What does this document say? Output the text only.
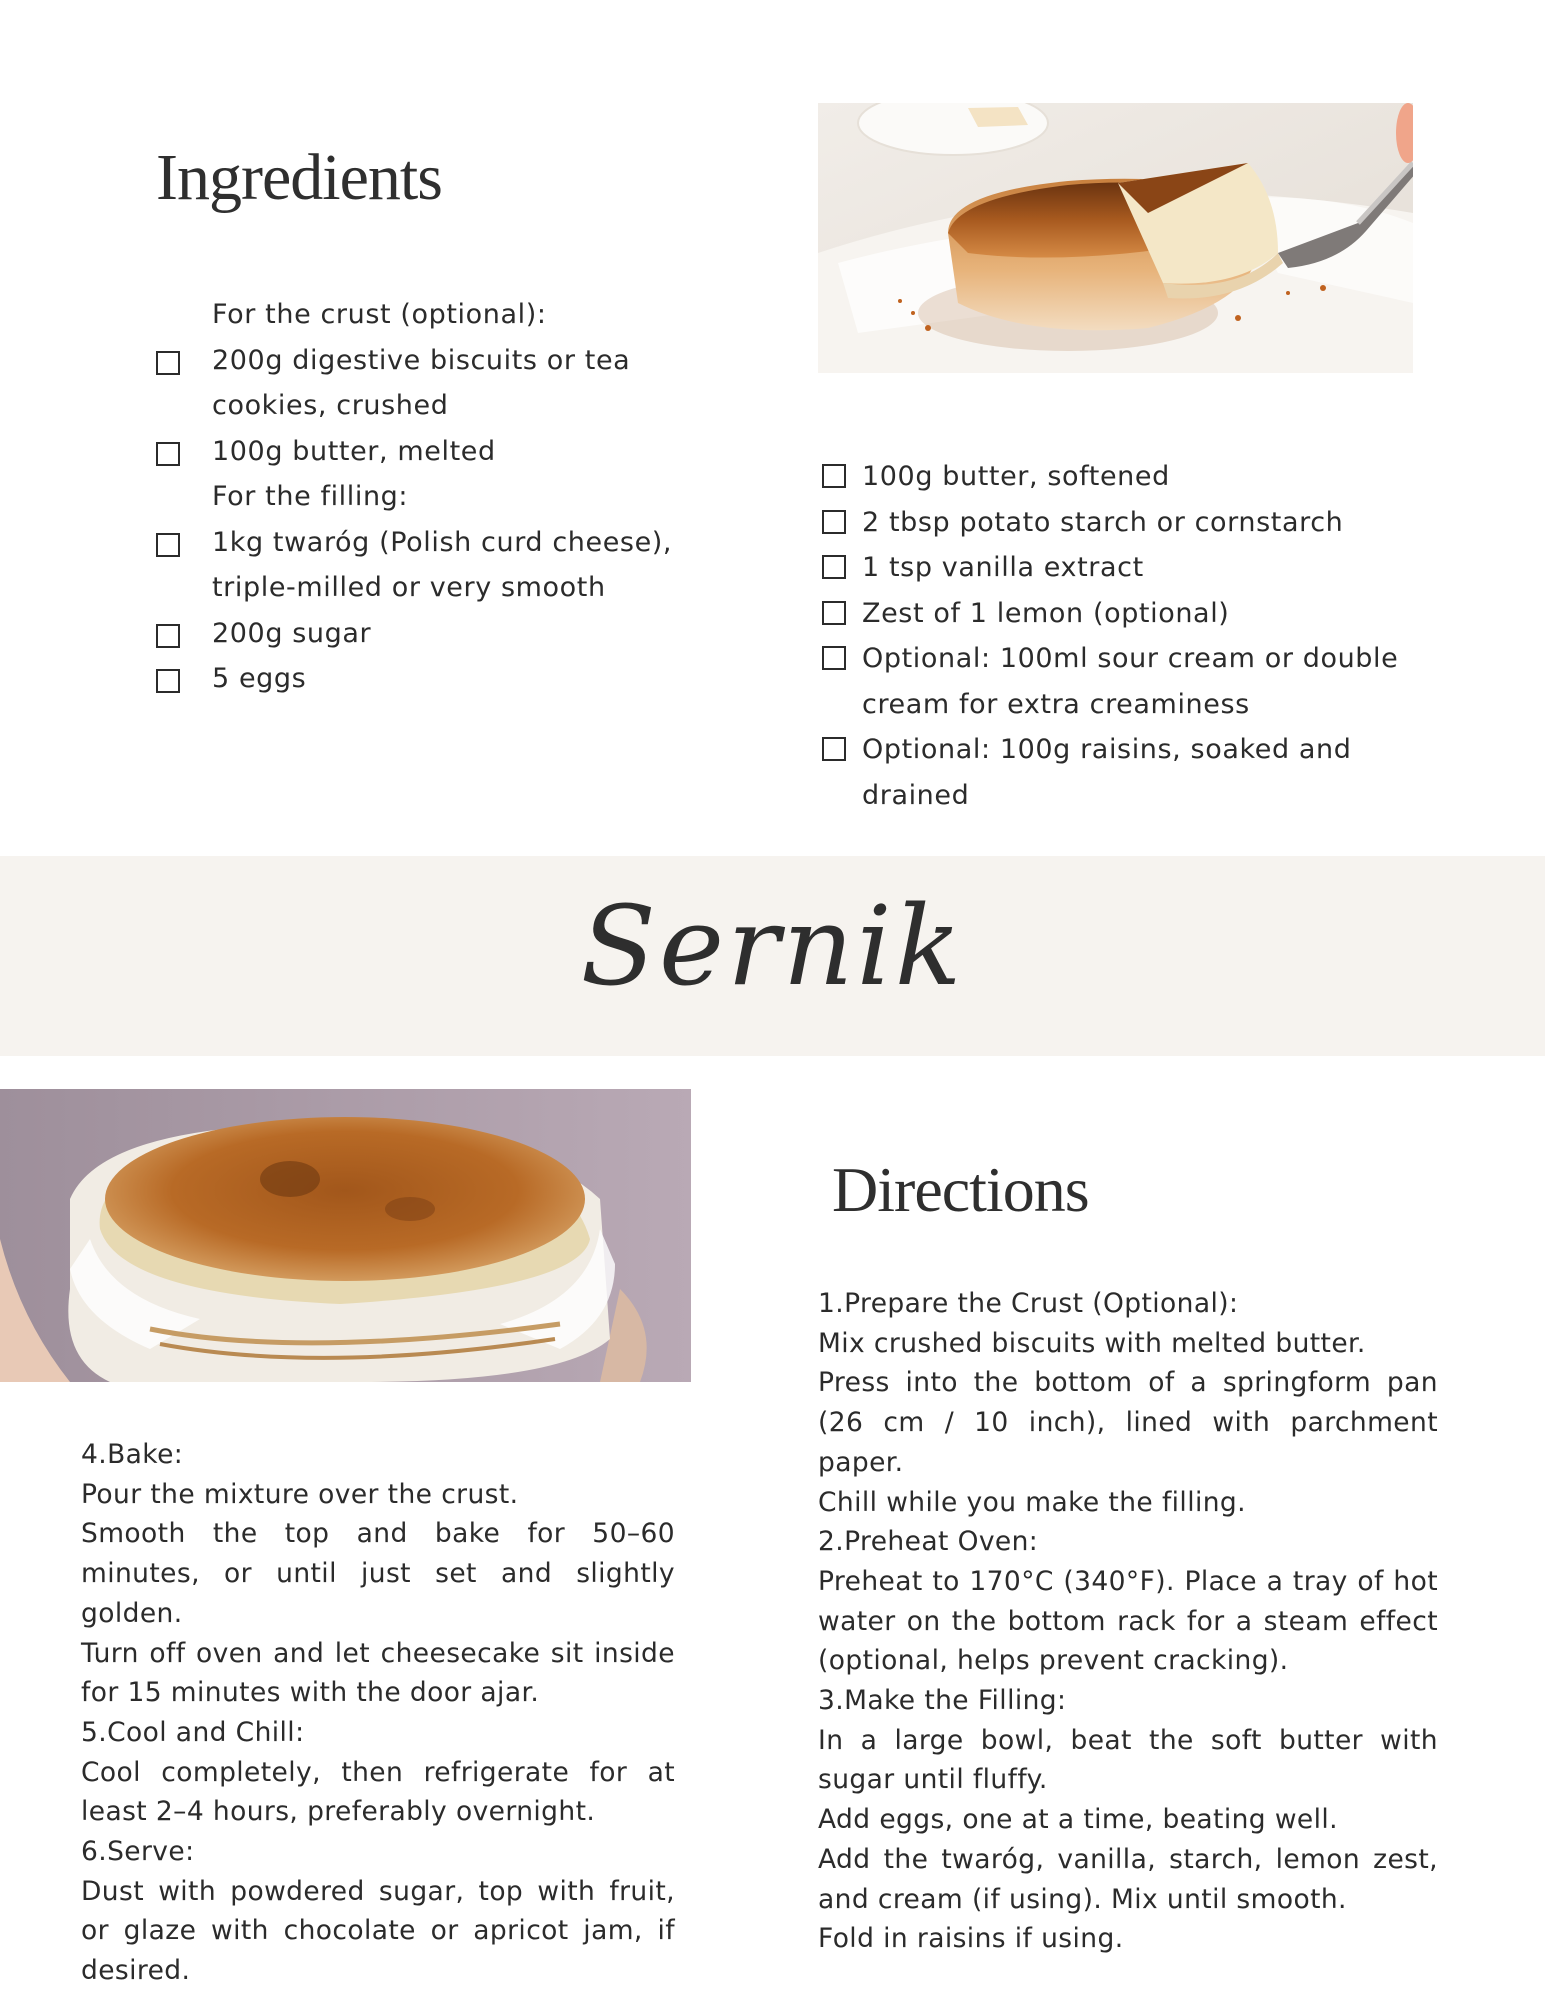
Ingredients
For the crust (optional):
200g digestive biscuits or tea cookies, crushed
100g butter, melted
For the filling:
1kg twaróg (Polish curd cheese), triple-milled or very smooth
200g sugar
5 eggs
100g butter, softened
2 tbsp potato starch or cornstarch
1 tsp vanilla extract
Zest of 1 lemon (optional)
Optional: 100ml sour cream or double cream for extra creaminess
Optional: 100g raisins, soaked and drained
Sernik
Directions
1.Prepare the Crust (Optional):
Mix crushed biscuits with melted butter.
Press into the bottom of a springform pan (26 cm / 10 inch), lined with parchment paper.
Chill while you make the filling.
2.Preheat Oven:
Preheat to 170°C (340°F). Place a tray of hot water on the bottom rack for a steam effect (optional, helps prevent cracking).
3.Make the Filling:
In a large bowl, beat the soft butter with sugar until fluffy.
Add eggs, one at a time, beating well.
Add the twaróg, vanilla, starch, lemon zest, and cream (if using). Mix until smooth.
Fold in raisins if using.
4.Bake:
Pour the mixture over the crust.
Smooth the top and bake for 50–60 minutes, or until just set and slightly golden.
Turn off oven and let cheesecake sit inside for 15 minutes with the door ajar.
5.Cool and Chill:
Cool completely, then refrigerate for at least 2–4 hours, preferably overnight.
6.Serve:
Dust with powdered sugar, top with fruit, or glaze with chocolate or apricot jam, if desired.
